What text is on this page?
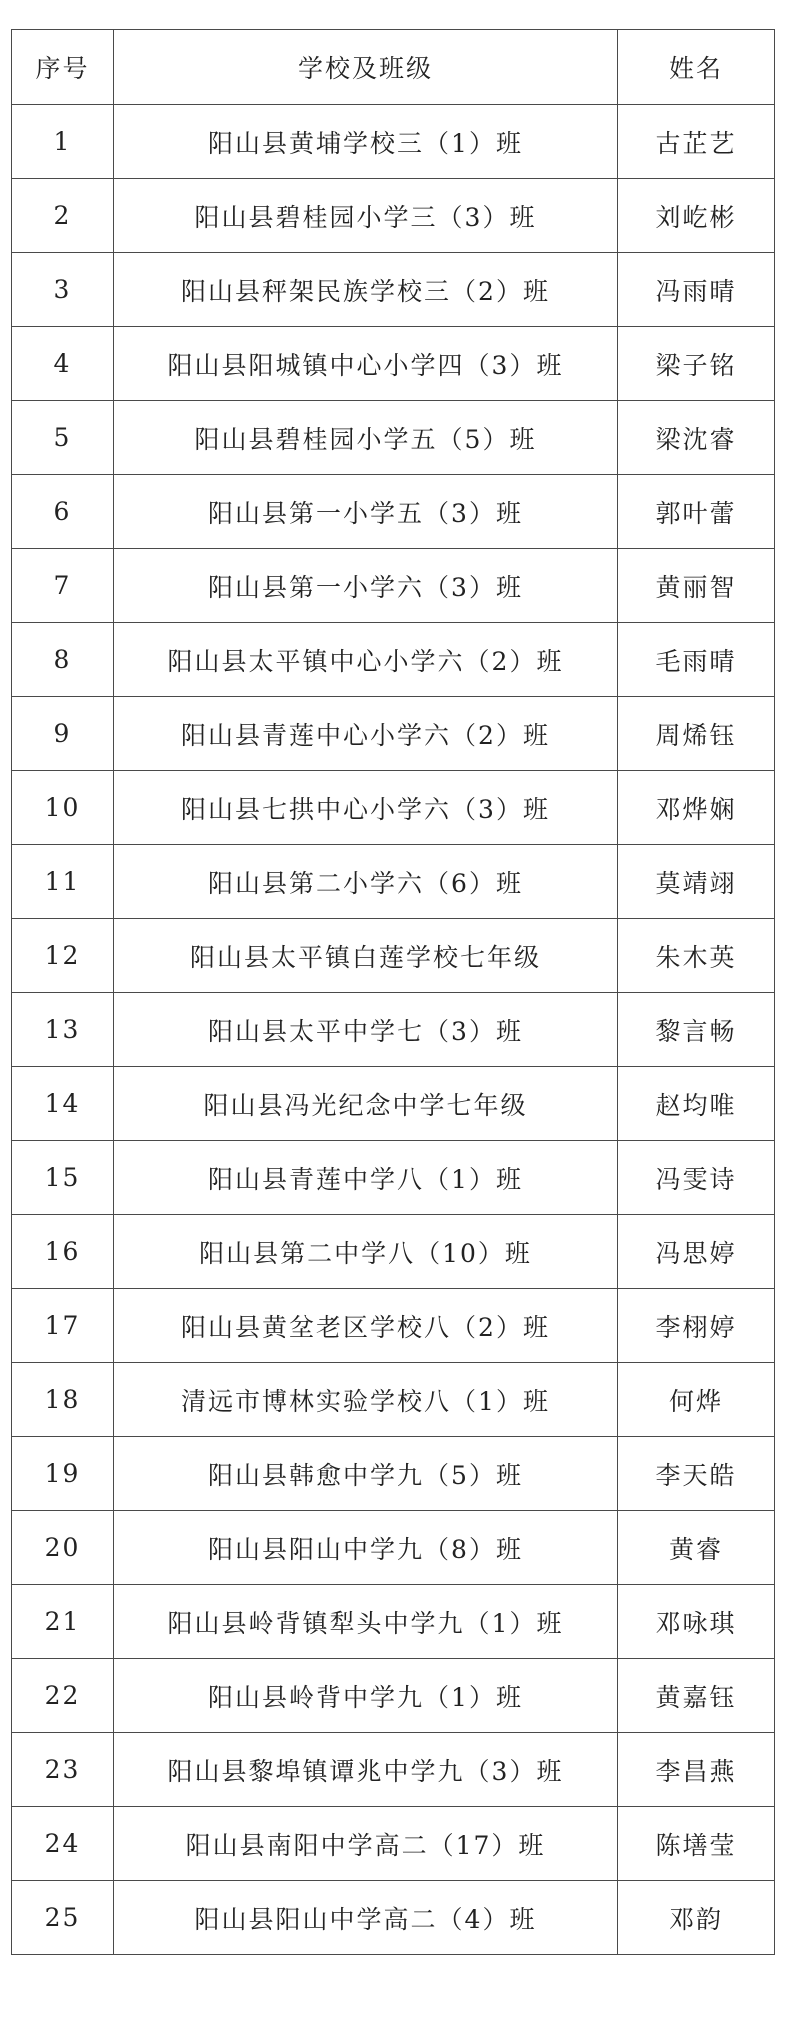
序号	学校及班级	姓名
1	阳山县黄埔学校三（1）班	古芷艺
2	阳山县碧桂园小学三（3）班	刘屹彬
3	阳山县秤架民族学校三（2）班	冯雨晴
4	阳山县阳城镇中心小学四（3）班	梁子铭
5	阳山县碧桂园小学五（5）班	梁沈睿
6	阳山县第一小学五（3）班	郭叶蕾
7	阳山县第一小学六（3）班	黄丽智
8	阳山县太平镇中心小学六（2）班	毛雨晴
9	阳山县青莲中心小学六（2）班	周烯钰
10	阳山县七拱中心小学六（3）班	邓烨娴
11	阳山县第二小学六（6）班	莫靖翊
12	阳山县太平镇白莲学校七年级	朱木英
13	阳山县太平中学七（3）班	黎言畅
14	阳山县冯光纪念中学七年级	赵均唯
15	阳山县青莲中学八（1）班	冯雯诗
16	阳山县第二中学八（10）班	冯思婷
17	阳山县黄坌老区学校八（2）班	李栩婷
18	清远市博林实验学校八（1）班	何烨
19	阳山县韩愈中学九（5）班	李天皓
20	阳山县阳山中学九（8）班	黄睿
21	阳山县岭背镇犁头中学九（1）班	邓咏琪
22	阳山县岭背中学九（1）班	黄嘉钰
23	阳山县黎埠镇谭兆中学九（3）班	李昌燕
24	阳山县南阳中学高二（17）班	陈墡莹
25	阳山县阳山中学高二（4）班	邓韵
